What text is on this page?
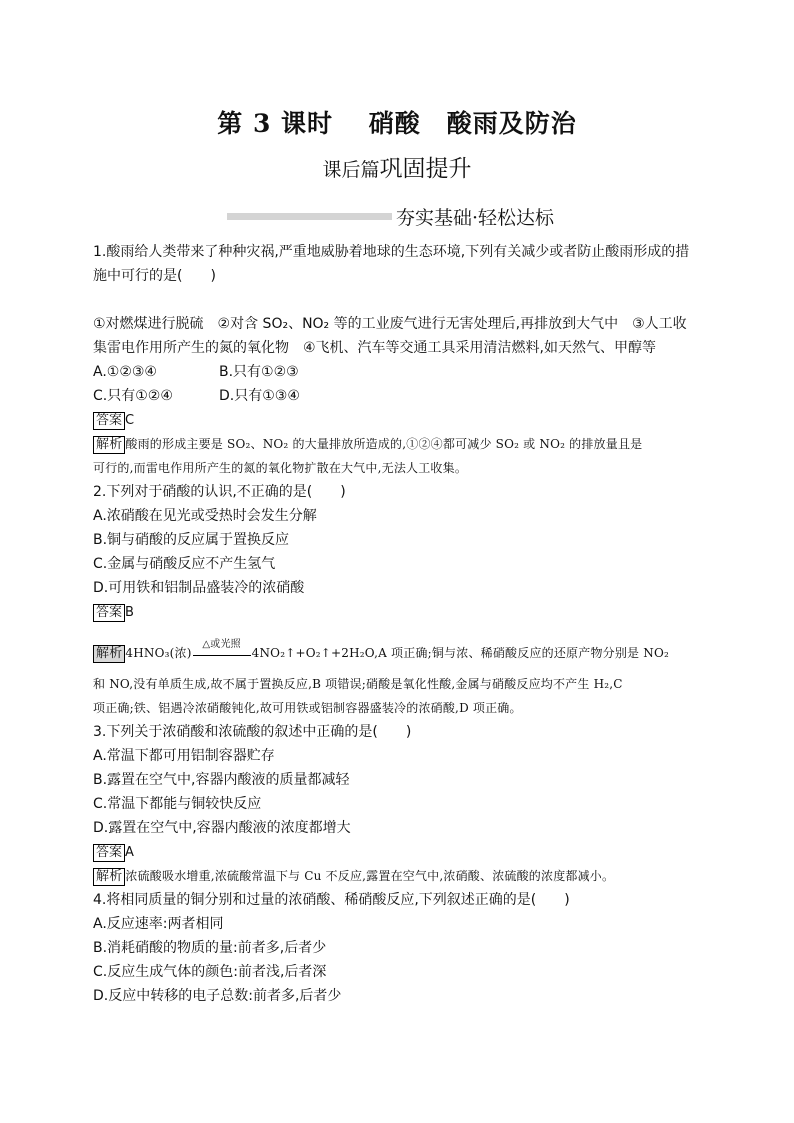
第 3 课时　 硝酸　酸雨及防治
课后篇巩固提升
夯实基础·轻松达标
1.酸雨给人类带来了种种灾祸,严重地威胁着地球的生态环境,下列有关减少或者防止酸雨形成的措
施中可行的是(　　)
①对燃煤进行脱硫　②对含 SO₂、NO₂ 等的工业废气进行无害处理后,再排放到大气中　③人工收
集雷电作用所产生的氮的氧化物　④飞机、汽车等交通工具采用清洁燃料,如天然气、甲醇等
A.①②③④	B.只有①②③
C.只有①②④	D.只有①③④
答案 C
解析 酸雨的形成主要是 SO₂、NO₂ 的大量排放所造成的,①②④都可减少 SO₂ 或 NO₂ 的排放量且是
可行的,而雷电作用所产生的氮的氧化物扩散在大气中,无法人工收集。
2.下列对于硝酸的认识,不正确的是(　　)
A.浓硝酸在见光或受热时会发生分解
B.铜与硝酸的反应属于置换反应
C.金属与硝酸反应不产生氢气
D.可用铁和铝制品盛装冷的浓硝酸
答案 B
解析 4HNO₃(浓)
△或光照
4NO₂↑+O₂↑+2H₂O,A 项正确;铜与浓、稀硝酸反应的还原产物分别是 NO₂
和 NO,没有单质生成,故不属于置换反应,B 项错误;硝酸是氧化性酸,金属与硝酸反应均不产生 H₂,C
项正确;铁、铝遇冷浓硝酸钝化,故可用铁或铝制容器盛装冷的浓硝酸,D 项正确。
3.下列关于浓硝酸和浓硫酸的叙述中正确的是(　　)
A.常温下都可用铝制容器贮存
B.露置在空气中,容器内酸液的质量都减轻
C.常温下都能与铜较快反应
D.露置在空气中,容器内酸液的浓度都增大
答案 A
解析 浓硫酸吸水增重,浓硫酸常温下与 Cu 不反应,露置在空气中,浓硝酸、浓硫酸的浓度都减小。
4.将相同质量的铜分别和过量的浓硝酸、稀硝酸反应,下列叙述正确的是(　　)
A.反应速率:两者相同
B.消耗硝酸的物质的量:前者多,后者少
C.反应生成气体的颜色:前者浅,后者深
D.反应中转移的电子总数:前者多,后者少
